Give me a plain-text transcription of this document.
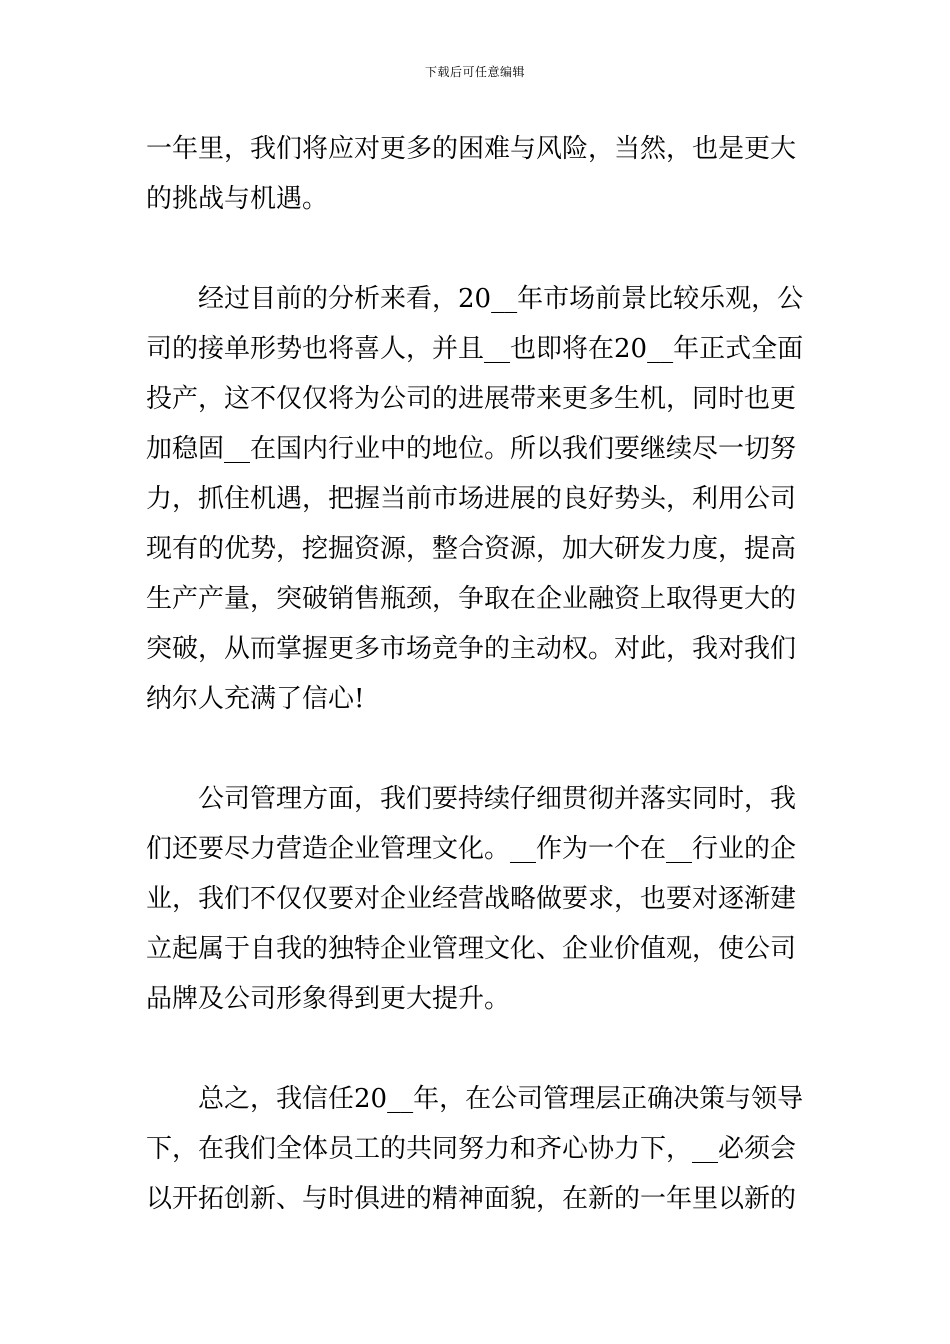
下载后可任意编辑

一年里，我们将应对更多的困难与风险，当然，也是更大
的挑战与机遇。

经过目前的分析来看，20__年市场前景比较乐观，公
司的接单形势也将喜人，并且__也即将在20__年正式全面
投产，这不仅仅将为公司的进展带来更多生机，同时也更
加稳固__在国内行业中的地位。所以我们要继续尽一切努
力，抓住机遇，把握当前市场进展的良好势头，利用公司
现有的优势，挖掘资源，整合资源，加大研发力度，提高
生产产量，突破销售瓶颈，争取在企业融资上取得更大的
突破，从而掌握更多市场竞争的主动权。对此，我对我们
纳尔人充满了信心!

公司管理方面，我们要持续仔细贯彻并落实同时，我
们还要尽力营造企业管理文化。__作为一个在__行业的企
业，我们不仅仅要对企业经营战略做要求，也要对逐渐建
立起属于自我的独特企业管理文化、企业价值观，使公司
品牌及公司形象得到更大提升。

总之，我信任20__年，在公司管理层正确决策与领导
下，在我们全体员工的共同努力和齐心协力下，__必须会
以开拓创新、与时俱进的精神面貌，在新的一年里以新的
